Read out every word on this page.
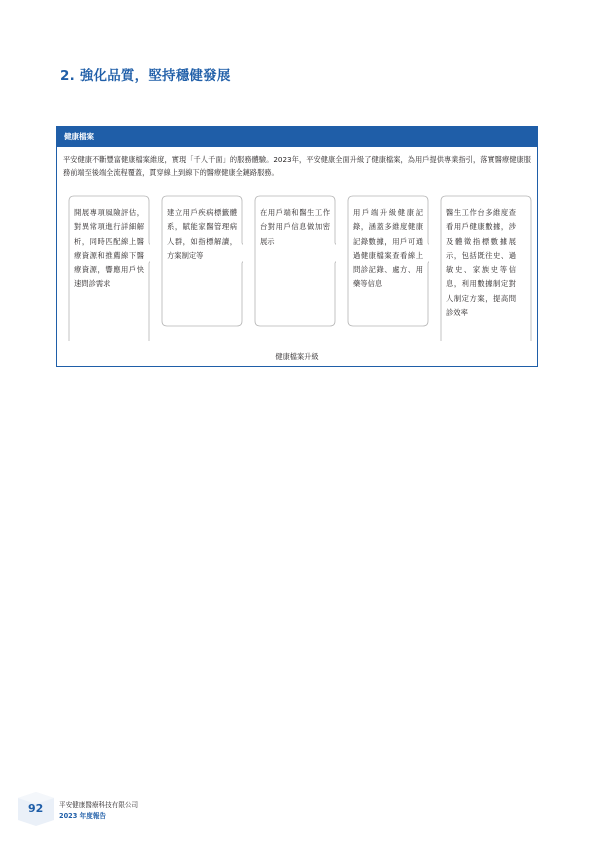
2. 強化品質，堅持穩健發展
健康檔案

平安健康不斷豐富健康檔案維度，實現「千人千面」的服務體驗。2023年，平安健康全面升級了健康檔案，為用戶提供專業指引，落實醫療健康服務前端至後端全流程覆蓋，貫穿線上到線下的醫療健康全鏈路服務。

開展專項風險評估，對異常項進行詳細解析，同時匹配線上醫療資源和推薦線下醫療資源，響應用戶快速問診需求
建立用戶疾病標籤體系，賦能家醫管理病人群，如指標解讀，方案制定等
在用戶端和醫生工作台對用戶信息做加密展示
用戶端升級健康記錄，涵蓋多維度健康記錄數據，用戶可通過健康檔案查看線上問診記錄、處方、用藥等信息
醫生工作台多維度查看用戶健康數據，涉及體徵指標數據展示，包括既往史、過敏史、家族史等信息，利用數據制定對人制定方案，提高問診效率
健康檔案升級
92 平安健康醫療科技有限公司
2023 年度報告
